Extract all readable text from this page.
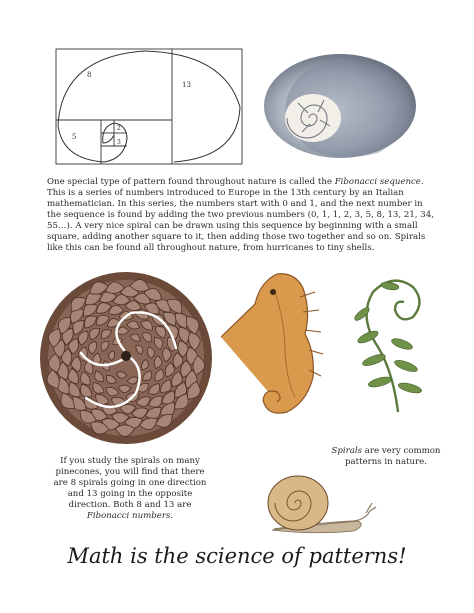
13
8
5
3
2
One special type of pattern found throughout nature is called the Fibonacci sequence. This is a series of numbers introduced to Europe in the 13th century by an Italian mathematician. In this series, the numbers start with 0 and 1, and the next number in the sequence is found by adding the two previous numbers (0, 1, 1, 2, 3, 5, 8, 13, 21, 34, 55…). A very nice spiral can be drawn using this sequence by beginning with a small square, adding another square to it, then adding those two together and so on. Spirals like this can be found all throughout nature, from hurricanes to tiny shells.
If you study the spirals on many pinecones, you will find that there are 8 spirals going in one direction and 13 going in the opposite direction. Both 8 and 13 are Fibonacci numbers.
Spirals are very common patterns in nature.
Math is the science of patterns!
